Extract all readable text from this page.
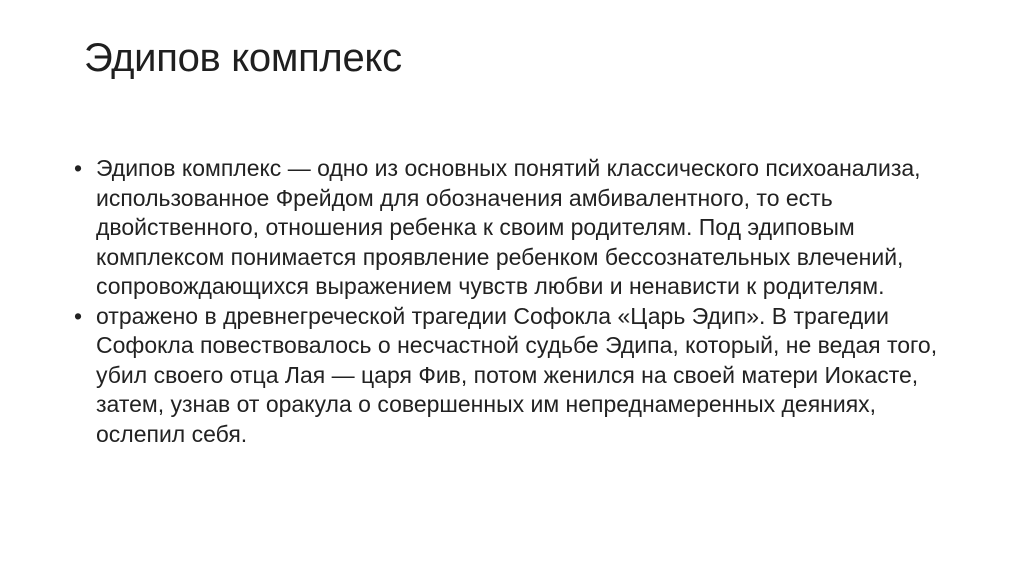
Эдипов комплекс
• Эдипов комплекс — одно из основных понятий классического психоанализа, использованное Фрейдом для обозначения амбивалентного, то есть двойственного, отношения ребенка к своим родителям. Под эдиповым комплексом понимается проявление ребенком бессознательных влечений, сопровождающихся выражением чувств любви и ненависти к родителям.
• отражено в древнегреческой трагедии Софокла «Царь Эдип». В трагедии Софокла повествовалось о несчастной судьбе Эдипа, который, не ведая того, убил своего отца Лая — царя Фив, потом женился на своей матери Иокасте, затем, узнав от оракула о совершенных им непреднамеренных деяниях, ослепил себя.
